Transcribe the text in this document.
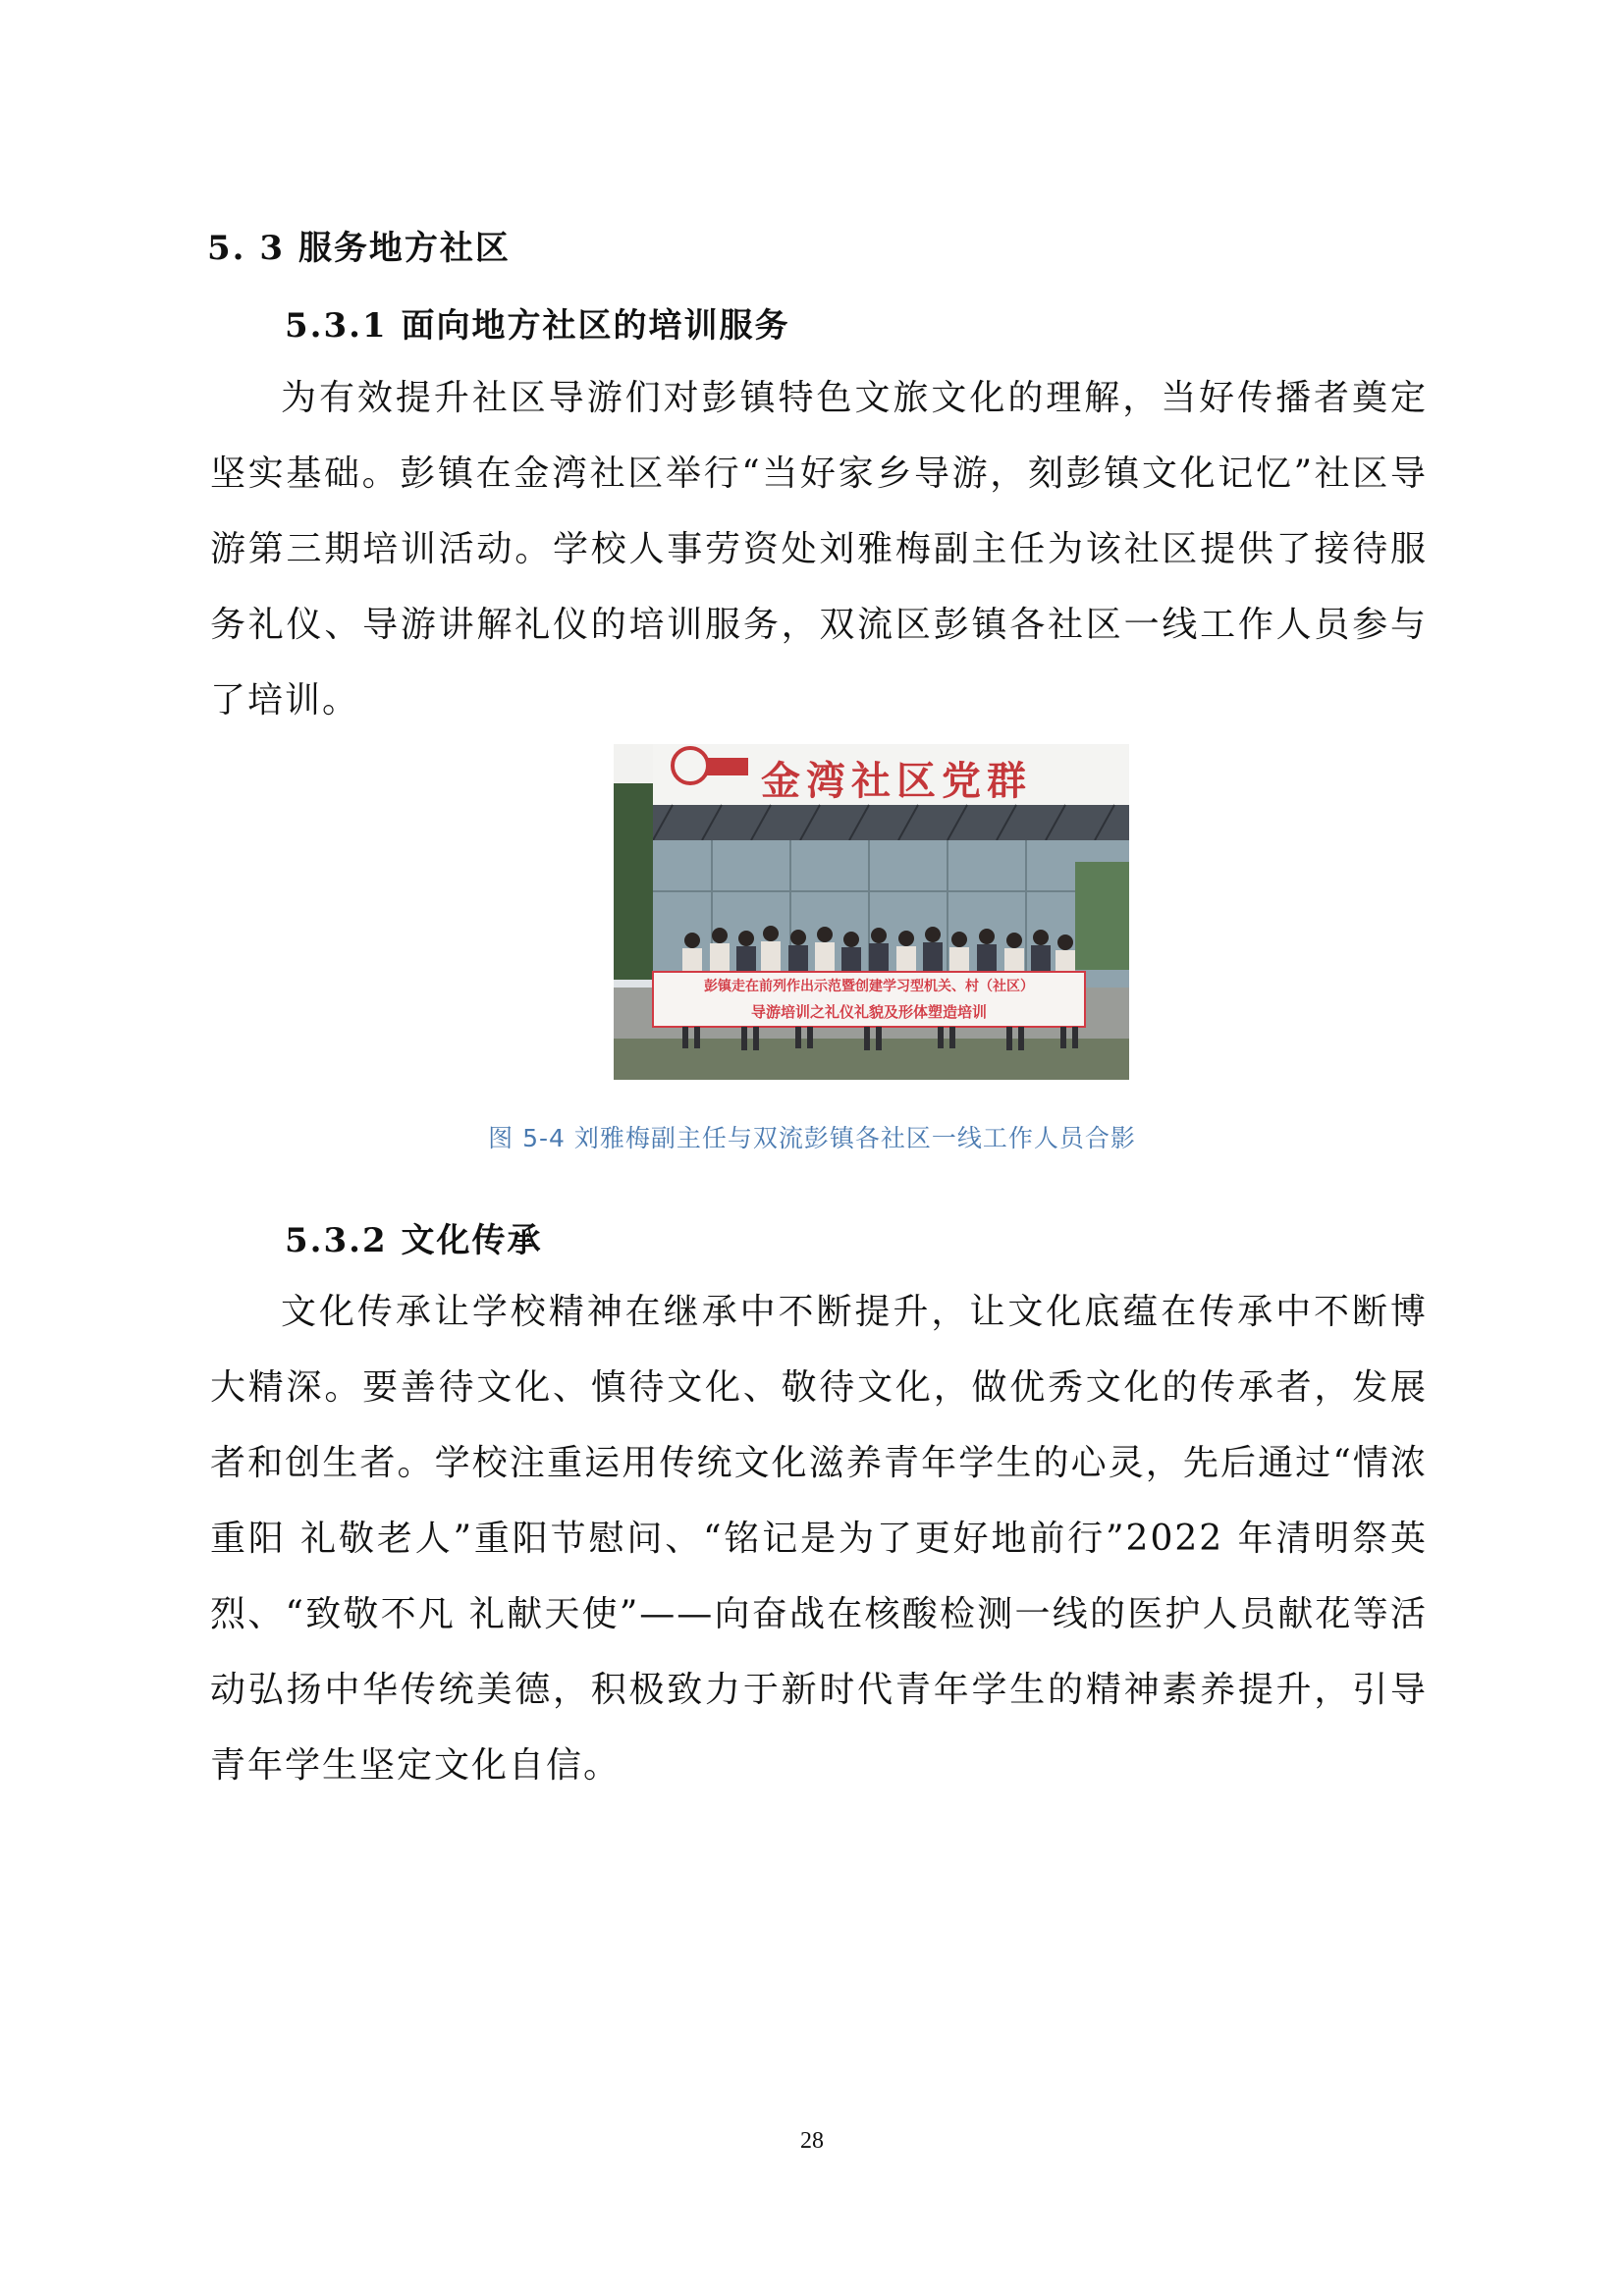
5. 3 服务地方社区
5.3.1 面向地方社区的培训服务

为有效提升社区导游们对彭镇特色文旅文化的理解，当好传播者奠定坚实基础。彭镇在金湾社区举行“当好家乡导游，刻彭镇文化记忆”社区导游第三期培训活动。学校人事劳资处刘雅梅副主任为该社区提供了接待服务礼仪、导游讲解礼仪的培训服务，双流区彭镇各社区一线工作人员参与了培训。

金湾社区党群
彭镇走在前列作出示范暨创建学习型机关、村（社区）
导游培训之礼仪礼貌及形体塑造培训
图 5-4 刘雅梅副主任与双流彭镇各社区一线工作人员合影
5.3.2 文化传承

文化传承让学校精神在继承中不断提升，让文化底蕴在传承中不断博大精深。要善待文化、慎待文化、敬待文化，做优秀文化的传承者，发展者和创生者。学校注重运用传统文化滋养青年学生的心灵，先后通过“情浓重阳 礼敬老人”重阳节慰问、“铭记是为了更好地前行”2022 年清明祭英烈、“致敬不凡 礼献天使”——向奋战在核酸检测一线的医护人员献花等活动弘扬中华传统美德，积极致力于新时代青年学生的精神素养提升，引导青年学生坚定文化自信。

28
